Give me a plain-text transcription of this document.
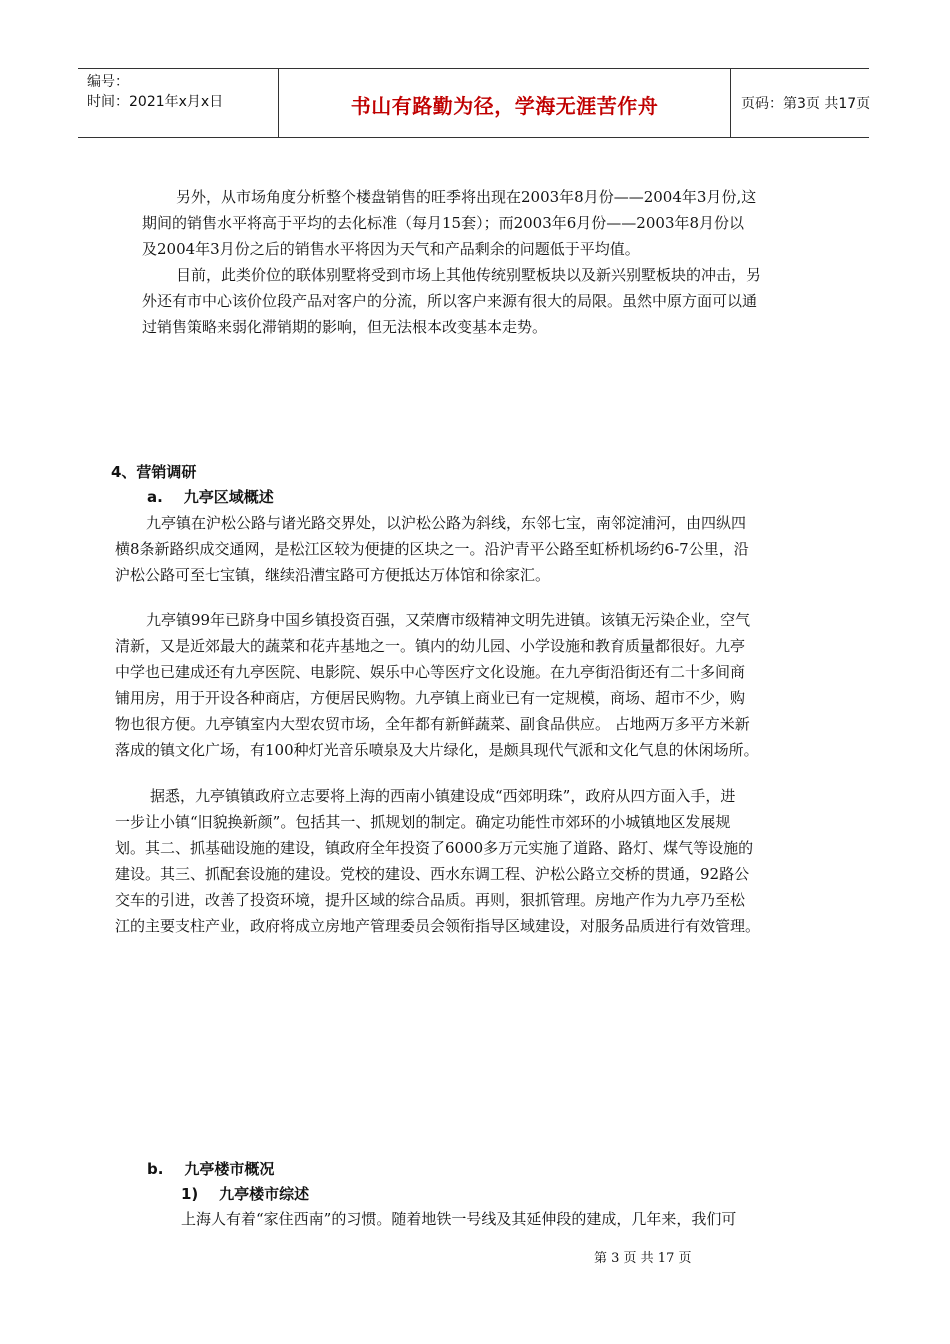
编号：
时间：2021年x月x日	书山有路勤为径，学海无涯苦作舟	页码：第3页 共17页

另外，从市场角度分析整个楼盘销售的旺季将出现在2003年8月份——2004年3月份,这

期间的销售水平将高于平均的去化标准（每月15套）；而2003年6月份——2003年8月份以

及2004年3月份之后的销售水平将因为天气和产品剩余的问题低于平均值。

目前，此类价位的联体别墅将受到市场上其他传统别墅板块以及新兴别墅板块的冲击，另

外还有市中心该价位段产品对客户的分流，所以客户来源有很大的局限。虽然中原方面可以通

过销售策略来弱化滞销期的影响，但无法根本改变基本走势。

4、营销调研
a.    九亭区域概述

九亭镇在沪松公路与诸光路交界处，以沪松公路为斜线，东邻七宝，南邻淀浦河，由四纵四

横8条新路织成交通网，是松江区较为便捷的区块之一。沿沪青平公路至虹桥机场约6-7公里，沿

沪松公路可至七宝镇，继续沿漕宝路可方便抵达万体馆和徐家汇。

九亭镇99年已跻身中国乡镇投资百强，又荣膺市级精神文明先进镇。该镇无污染企业，空气

清新，又是近郊最大的蔬菜和花卉基地之一。镇内的幼儿园、小学设施和教育质量都很好。九亭

中学也已建成还有九亭医院、电影院、娱乐中心等医疗文化设施。在九亭街沿街还有二十多间商

铺用房，用于开设各种商店，方便居民购物。九亭镇上商业已有一定规模，商场、超市不少，购

物也很方便。九亭镇室内大型农贸市场，全年都有新鲜蔬菜、副食品供应。 占地两万多平方米新

落成的镇文化广场，有100种灯光音乐喷泉及大片绿化，是颇具现代气派和文化气息的休闲场所。

据悉，九亭镇镇政府立志要将上海的西南小镇建设成“西郊明珠”，政府从四方面入手，进

一步让小镇“旧貌换新颜”。包括其一、抓规划的制定。确定功能性市郊环的小城镇地区发展规

划。其二、抓基础设施的建设，镇政府全年投资了6000多万元实施了道路、路灯、煤气等设施的

建设。其三、抓配套设施的建设。党校的建设、西水东调工程、沪松公路立交桥的贯通，92路公

交车的引进，改善了投资环境，提升区域的综合品质。再则，狠抓管理。房地产作为九亭乃至松

江的主要支柱产业，政府将成立房地产管理委员会领衔指导区域建设，对服务品质进行有效管理。

b.    九亭楼市概况
1)    九亭楼市综述

上海人有着“家住西南”的习惯。随着地铁一号线及其延伸段的建成，几年来，我们可

第 3 页 共 17 页
